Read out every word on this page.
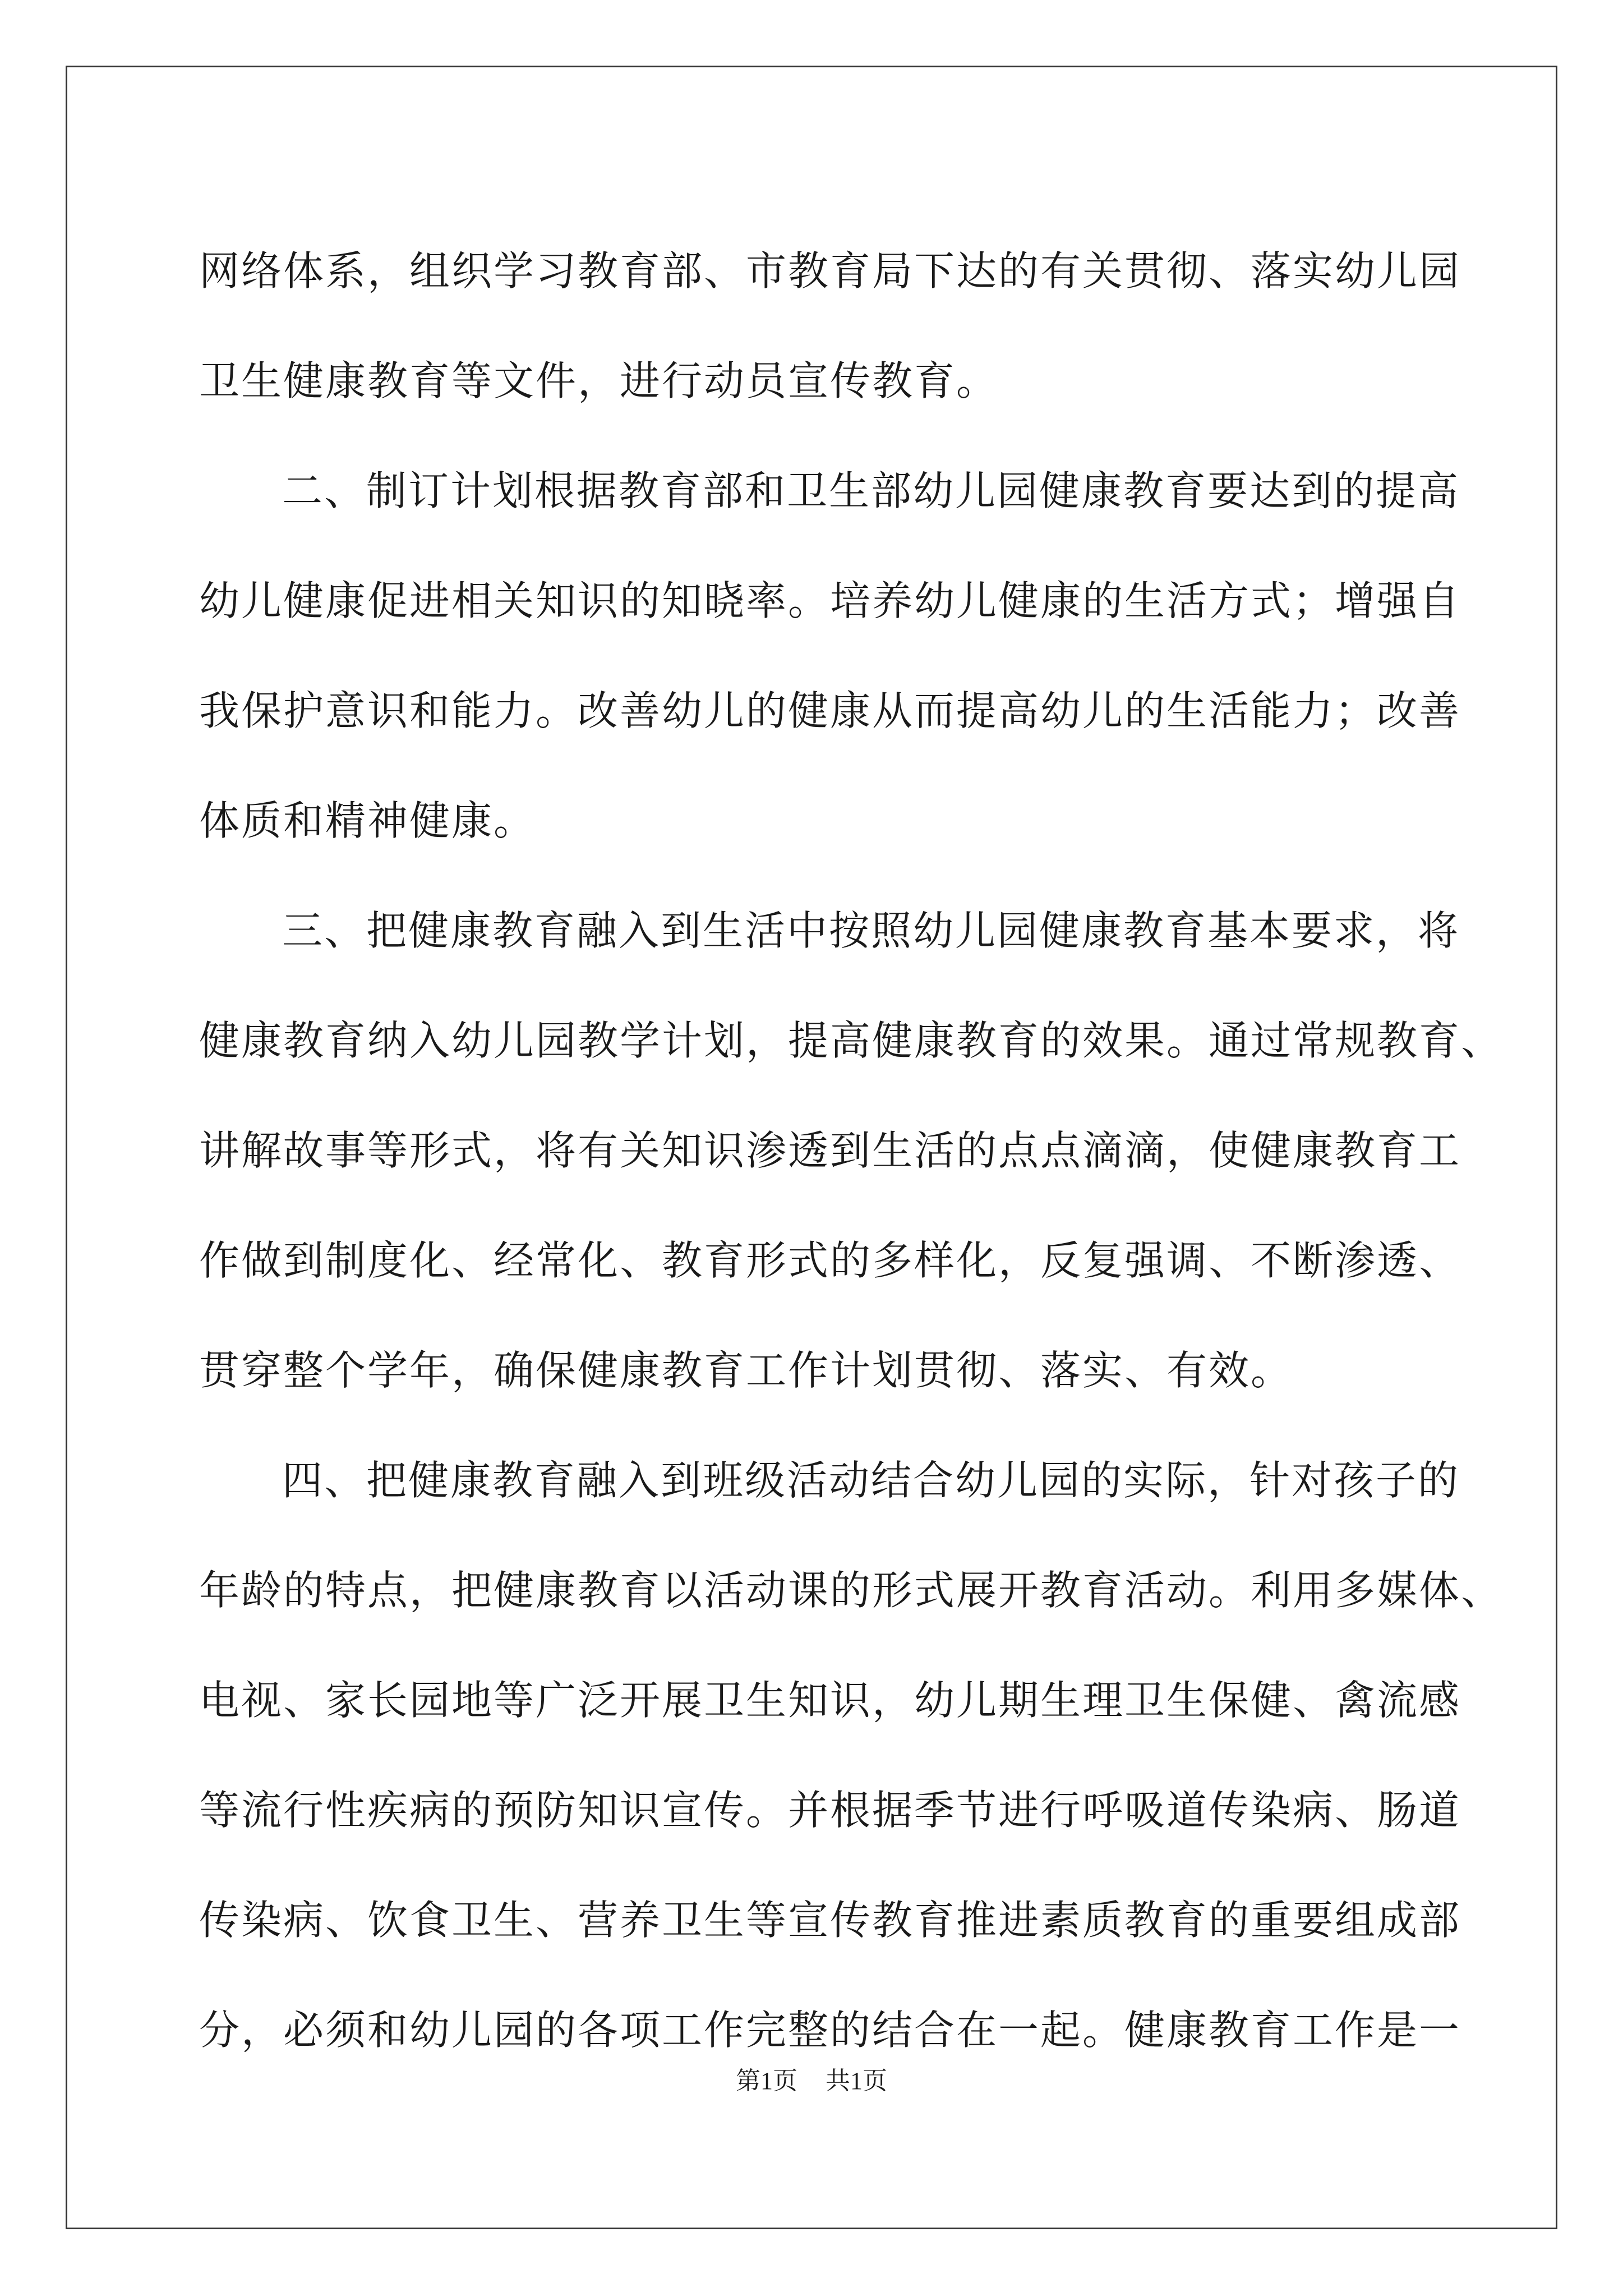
网络体系，组织学习教育部、市教育局下达的有关贯彻、落实幼儿园
卫生健康教育等文件，进行动员宣传教育。
二、制订计划根据教育部和卫生部幼儿园健康教育要达到的提高
幼儿健康促进相关知识的知晓率。培养幼儿健康的生活方式；增强自
我保护意识和能力。改善幼儿的健康从而提高幼儿的生活能力；改善
体质和精神健康。
三、把健康教育融入到生活中按照幼儿园健康教育基本要求，将
健康教育纳入幼儿园教学计划，提高健康教育的效果。通过常规教育、
讲解故事等形式，将有关知识渗透到生活的点点滴滴，使健康教育工
作做到制度化、经常化、教育形式的多样化，反复强调、不断渗透、
贯穿整个学年，确保健康教育工作计划贯彻、落实、有效。
四、把健康教育融入到班级活动结合幼儿园的实际，针对孩子的
年龄的特点，把健康教育以活动课的形式展开教育活动。利用多媒体、
电视、家长园地等广泛开展卫生知识，幼儿期生理卫生保健、禽流感
等流行性疾病的预防知识宣传。并根据季节进行呼吸道传染病、肠道
传染病、饮食卫生、营养卫生等宣传教育推进素质教育的重要组成部
分，必须和幼儿园的各项工作完整的结合在一起。健康教育工作是一
第1页 共1页
